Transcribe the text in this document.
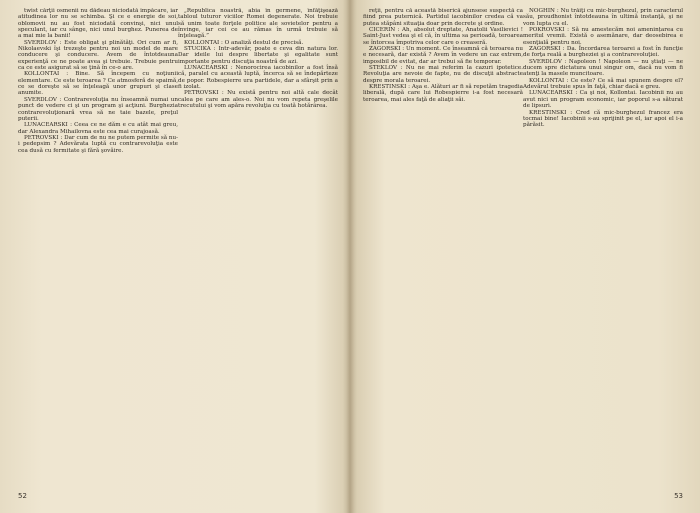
twist cărţii osmenii nu dădeau niciodată împăcare, iar atitudinea lor nu se schimba. Şi ce e energie de soi, oblomovii nu au fost niciodată convinşi, nici unul speculant, iar cu sânge, nici unul burghez. Punerea de a mai mie la banii!

SVERDLOV : Este obligat şi plinătăţi. Ori cum ar fi, Nikolaevski îşi trezeşte pentru noi un model de mare conducere şi conducere. Avem de întotdeauna experienţă ce ne poate avea şi trebuie. Trebuie pentru ca ce este asigurat să se ţină în ce-o are.

KOLLONTAI : Bine. Să începem cu noţiunii elementare. Ce este teroarea ? Ce atmosferă de spaimă, ce se doreşte să se înţeleagă unor grupuri şi clase anumite.

SVERDLOV : Contrarevoluţia nu înseamnă numai un punct de vedere ci şi un program şi acţiuni. Burghezia contrarevoluţionară vrea să ne taie bazele, preţul puterii.

LUNACEARSKI : Ceea ce ne dăm e cu atât mai greu, dar Alexandra Mihailovna este cea mai curajoasă.

PETROVSKI : Dar cum de nu ne putem permite să nu-i pedepsim ? Adevărata luptă cu contrarevoluţia este cea dusă cu fermitate şi fără şovăire.

„Republica noastră, abia în germene, înfăţişează tabloul tuturor viciilor Romei degenerate. Noi trebuie să unim toate forţele politice ale sovietelor pentru a învinge, iar cei ce au rămas în urmă trebuie să înţeleagă.”

KOLLONTAI : O analiză destul de precisă.

STUCIKA : Intr-adevăr, poate e ceva din natura lor. Dar ideile lui despre libertate şi egalitate sunt importante pentru discuţia noastră de azi.

LUNACEARSKI : Nenorocirea iacobinilor a fost însă că, paralel cu această luptă, încerca să se îndepărteze de popor. Robespierre ura partidele, dar a sfârşit prin a fi izolat.

PETROVSKI : Nu există pentru noi altă cale decât calea pe care am ales-o. Noi nu vom repeta greşelile trecutului şi vom apăra revoluţia cu toată hotărârea.

52

reţii, pentru că această biserică ajunsese suspectă ca fiind prea puternică. Partidul iacobinilor credea că va putea stăpâni situaţia doar prin decrete şi ordine.

CICERIN : Ah, absolut dreptate, Anatolii Vasilievici ! Saint-Just vedea şi el că, în ultima sa perioadă, teroarea se întorcea împotriva celor care o creaseră.

ZAGORSKI : Un moment. Ce înseamnă că teroarea nu e necesară, dar există ? Avem în vedere un caz extrem, imposibil de evitat, dar ar trebui să fie temporar.

STEKLOV : Nu ne mai referim la cazuri ipotetice. Revoluţia are nevoie de fapte, nu de discuţii abstracte despre morala teroarei.

KRESTINSKI : Aşa e. Alături ar fi să repetăm tragedia liberală, după care lui Robespierre i-a fost necesară teroarea, mai ales faţă de aliaţii săi.

NOGHIN : Nu trăiţi cu mic-burghezul, prin caracterul său, proudhonist întotdeauna în ultimă instanţă, şi ne vom lupta cu el.

POKROVSKI : Să nu amestecăm noi amenințarea cu meritul vremii. Există o asemănare, dar deosebirea e esenţială pentru noi.

ZAGORSKI : Da. Încordarea teroarei a fost în funcţie de forţa reală a burgheziei şi a contrarevoluţiei.

SVERDLOV : Napoleon ! Napoleon — nu ştiaţi — ne ducem spre dictatura unui singur om, dacă nu vom fi atenţi la masele muncitoare.

KOLLONTAI : Ce este? Ce să mai spunem despre el? Adevărul trebuie spus în faţă, chiar dacă e greu.

LUNACEARSKI : Ca şi noi, Kollontai. Iacobinii nu au avut nici un program economic, iar poporul s-a săturat de lipsuri.

KRESTINSKI : Cred că mic-burghezul francez era tocmai bine! Iacobinii s-au sprijinit pe el, iar apoi el i-a părăsit.

53
